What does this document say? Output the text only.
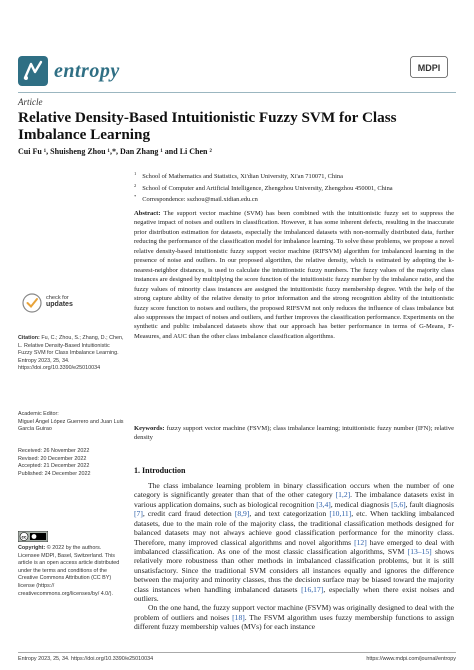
entropy	MDPI
Article
Relative Density-Based Intuitionistic Fuzzy SVM for Class Imbalance Learning
Cui Fu ¹, Shuisheng Zhou ¹,*, Dan Zhang ¹ and Li Chen ²
$^1$ School of Mathematics and Statistics, Xi'dian University, Xi'an 710071, China
$^2$ School of Computer and Artificial Intelligence, Zhengzhou University, Zhengzhou 450001, China
* Correspondence: sszhou@mail.xidian.edu.cn
Abstract: The support vector machine (SVM) has been combined with the intuitionistic fuzzy set to suppress the negative impact of noises and outliers in classification. However, it has some inherent defects, resulting in the inaccurate prior distribution estimation for datasets, especially the imbalanced datasets with non-normally distributed data, further reducing the performance of the classification model for imbalance learning. To solve these problems, we propose a novel relative density-based intuitionistic fuzzy support vector machine (RIFSVM) algorithm for imbalanced learning in the presence of noise and outliers. In our proposed algorithm, the relative density, which is estimated by adopting the k-nearest-neighbor distances, is used to calculate the intuitionistic fuzzy numbers. The fuzzy values of the majority class instances are designed by multiplying the score function of the intuitionistic fuzzy number by the imbalance ratio, and the fuzzy values of minority class instances are assigned the intuitionistic fuzzy membership degree. With the help of the strong capture ability of the relative density to prior information and the strong recognition ability of the intuitionistic fuzzy score function to noises and outliers, the proposed RIFSVM not only reduces the influence of class imbalance but also suppresses the impact of noises and outliers, and further improves the classification performance. Experiments on the synthetic and public imbalanced datasets show that our approach has better performance in terms of G-Means, F-Measures, and AUC than the other class imbalance classification algorithms.
Keywords: fuzzy support vector machine (FSVM); class imbalance learning; intuitionistic fuzzy number (IFN); relative density
check for
updates
Citation: Fu, C.; Zhou, S.; Zhang, D.; Chen, L. Relative Density-Based Intuitionistic Fuzzy SVM for Class Imbalance Learning. Entropy 2023, 25, 34. https://doi.org/10.3390/e25010034
Academic Editor:
Miguel Ángel López Guerrero and Juan Luis García Guirao
Received: 26 November 2022
Revised: 20 December 2022
Accepted: 21 December 2022
Published: 24 December 2022
cc
Copyright: © 2022 by the authors. Licensee MDPI, Basel, Switzerland. This article is an open access article distributed under the terms and conditions of the Creative Commons Attribution (CC BY) license (https:// creativecommons.org/licenses/by/ 4.0/).
1. Introduction

The class imbalance learning problem in binary classification occurs when the number of one category is significantly greater than that of the other category [1,2]. The imbalance datasets exist in various application domains, such as biological recognition [3,4], medical diagnosis [5,6], fault diagnosis [7], credit card fraud detection [8,9], and text categorization [10,11], etc. When tackling imbalanced datasets, due to the main role of the majority class, the traditional classification methods designed for balanced datasets may not always achieve good classification performance for the minority class. Therefore, many improved classical algorithms and novel algorithms [12] have emerged to deal with imbalanced classification. As one of the most classic classification algorithms, SVM [13–15] shows relatively more robustness than other methods in imbalanced classification problems, but it is still unsatisfactory. Since the traditional SVM considers all instances equally and ignores the difference between the majority and minority classes, thus the decision surface may be biased toward the majority class instances when handling imbalanced datasets [16,17], especially when there exist noises and outliers.

On the one hand, the fuzzy support vector machine (FSVM) was originally designed to deal with the problem of outliers and noises [18]. The FSVM algorithm uses fuzzy membership functions to assign different fuzzy membership values (MVs) for each instance

Entropy 2023, 25, 34. https://doi.org/10.3390/e25010034	https://www.mdpi.com/journal/entropy
